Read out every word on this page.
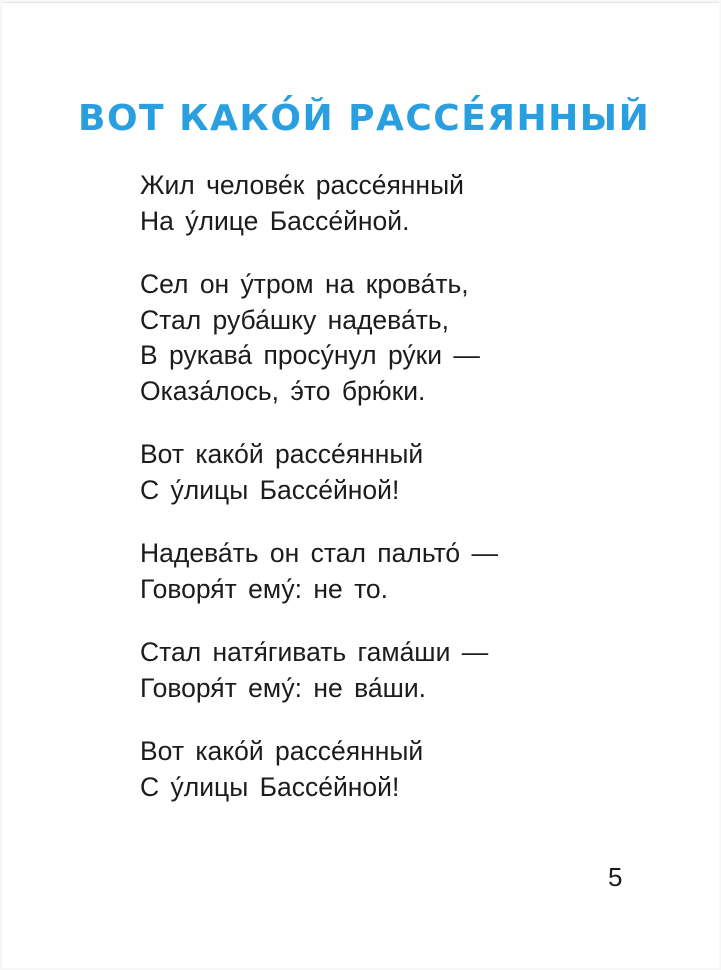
ВОТ КАКО́Й РАССЕ́ЯННЫЙ

Жил челове́к рассе́янный
На у́лице Бассе́йной.

Сел он у́тром на крова́ть,
Стал руба́шку надева́ть,
В рукава́ просу́нул ру́ки —
Оказа́лось, э́то брю́ки.

Вот како́й рассе́янный
С у́лицы Бассе́йной!

Надева́ть он стал пальто́ —
Говоря́т ему́: не то.

Стал натя́гивать гама́ши —
Говоря́т ему́: не ва́ши.

Вот како́й рассе́янный
С у́лицы Бассе́йной!

5
